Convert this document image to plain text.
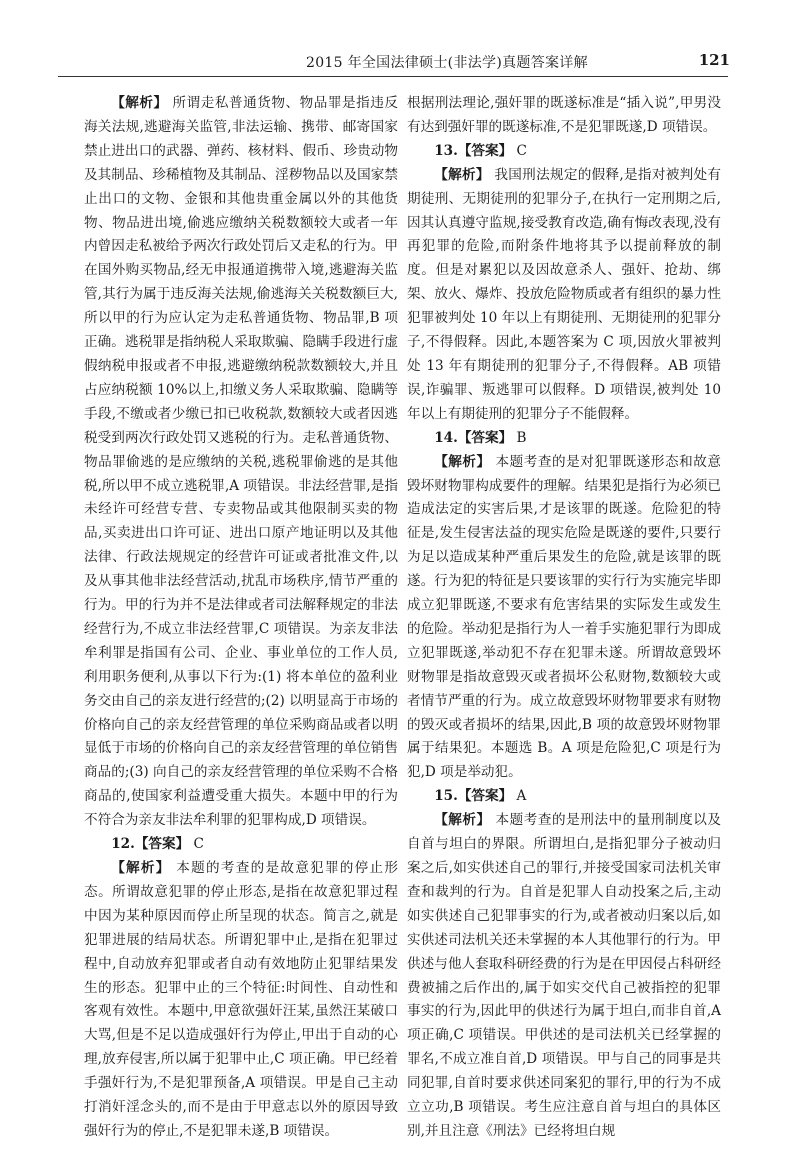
2015 年全国法律硕士(非法学)真题答案详解	121

【解析】 所谓走私普通货物、物品罪是指违反海关法规,逃避海关监管,非法运输、携带、邮寄国家禁止进出口的武器、弹药、核材料、假币、珍贵动物及其制品、珍稀植物及其制品、淫秽物品以及国家禁止出口的文物、金银和其他贵重金属以外的其他货物、物品进出境,偷逃应缴纳关税数额较大或者一年内曾因走私被给予两次行政处罚后又走私的行为。甲在国外购买物品,经无申报通道携带入境,逃避海关监管,其行为属于违反海关法规,偷逃海关关税数额巨大,所以甲的行为应认定为走私普通货物、物品罪,B 项正确。逃税罪是指纳税人采取欺骗、隐瞒手段进行虚假纳税申报或者不申报,逃避缴纳税款数额较大,并且占应纳税额 10%以上,扣缴义务人采取欺骗、隐瞒等手段,不缴或者少缴已扣已收税款,数额较大或者因逃税受到两次行政处罚又逃税的行为。走私普通货物、物品罪偷逃的是应缴纳的关税,逃税罪偷逃的是其他税,所以甲不成立逃税罪,A 项错误。非法经营罪,是指未经许可经营专营、专卖物品或其他限制买卖的物品,买卖进出口许可证、进出口原产地证明以及其他法律、行政法规规定的经营许可证或者批准文件,以及从事其他非法经营活动,扰乱市场秩序,情节严重的行为。甲的行为并不是法律或者司法解释规定的非法经营行为,不成立非法经营罪,C 项错误。为亲友非法牟利罪是指国有公司、企业、事业单位的工作人员,利用职务便利,从事以下行为:(1) 将本单位的盈利业务交由自己的亲友进行经营的;(2) 以明显高于市场的价格向自己的亲友经营管理的单位采购商品或者以明显低于市场的价格向自己的亲友经营管理的单位销售商品的;(3) 向自己的亲友经营管理的单位采购不合格商品的,使国家利益遭受重大损失。本题中甲的行为不符合为亲友非法牟利罪的犯罪构成,D 项错误。

12.【答案】 C

【解析】 本题的考查的是故意犯罪的停止形态。所谓故意犯罪的停止形态,是指在故意犯罪过程中因为某种原因而停止所呈现的状态。简言之,就是犯罪进展的结局状态。所谓犯罪中止,是指在犯罪过程中,自动放弃犯罪或者自动有效地防止犯罪结果发生的形态。犯罪中止的三个特征:时间性、自动性和客观有效性。本题中,甲意欲强奸汪某,虽然汪某破口大骂,但是不足以造成强奸行为停止,甲出于自动的心理,放弃侵害,所以属于犯罪中止,C 项正确。甲已经着手强奸行为,不是犯罪预备,A 项错误。甲是自己主动打消奸淫念头的,而不是由于甲意志以外的原因导致强奸行为的停止,不是犯罪未遂,B 项错误。

根据刑法理论,强奸罪的既遂标准是“插入说”,甲男没有达到强奸罪的既遂标准,不是犯罪既遂,D 项错误。

13.【答案】 C

【解析】 我国刑法规定的假释,是指对被判处有期徒刑、无期徒刑的犯罪分子,在执行一定刑期之后,因其认真遵守监规,接受教育改造,确有悔改表现,没有再犯罪的危险,而附条件地将其予以提前释放的制度。但是对累犯以及因故意杀人、强奸、抢劫、绑架、放火、爆炸、投放危险物质或者有组织的暴力性犯罪被判处 10 年以上有期徒刑、无期徒刑的犯罪分子,不得假释。因此,本题答案为 C 项,因放火罪被判处 13 年有期徒刑的犯罪分子,不得假释。AB 项错误,诈骗罪、叛逃罪可以假释。D 项错误,被判处 10 年以上有期徒刑的犯罪分子不能假释。

14.【答案】 B

【解析】 本题考查的是对犯罪既遂形态和故意毁坏财物罪构成要件的理解。结果犯是指行为必须已造成法定的实害后果,才是该罪的既遂。危险犯的特征是,发生侵害法益的现实危险是既遂的要件,只要行为足以造成某种严重后果发生的危险,就是该罪的既遂。行为犯的特征是只要该罪的实行行为实施完毕即成立犯罪既遂,不要求有危害结果的实际发生或发生的危险。举动犯是指行为人一着手实施犯罪行为即成立犯罪既遂,举动犯不存在犯罪未遂。所谓故意毁坏财物罪是指故意毁灭或者损坏公私财物,数额较大或者情节严重的行为。成立故意毁坏财物罪要求有财物的毁灭或者损坏的结果,因此,B 项的故意毁坏财物罪属于结果犯。本题选 B。A 项是危险犯,C 项是行为犯,D 项是举动犯。

15.【答案】 A

【解析】 本题考查的是刑法中的量刑制度以及自首与坦白的界限。所谓坦白,是指犯罪分子被动归案之后,如实供述自己的罪行,并接受国家司法机关审查和裁判的行为。自首是犯罪人自动投案之后,主动如实供述自己犯罪事实的行为,或者被动归案以后,如实供述司法机关还未掌握的本人其他罪行的行为。甲供述与他人套取科研经费的行为是在甲因侵占科研经费被捕之后作出的,属于如实交代自己被指控的犯罪事实的行为,因此甲的供述行为属于坦白,而非自首,A 项正确,C 项错误。甲供述的是司法机关已经掌握的罪名,不成立准自首,D 项错误。甲与自己的同事是共同犯罪,自首时要求供述同案犯的罪行,甲的行为不成立立功,B 项错误。考生应注意自首与坦白的具体区别,并且注意《刑法》已经将坦白规
